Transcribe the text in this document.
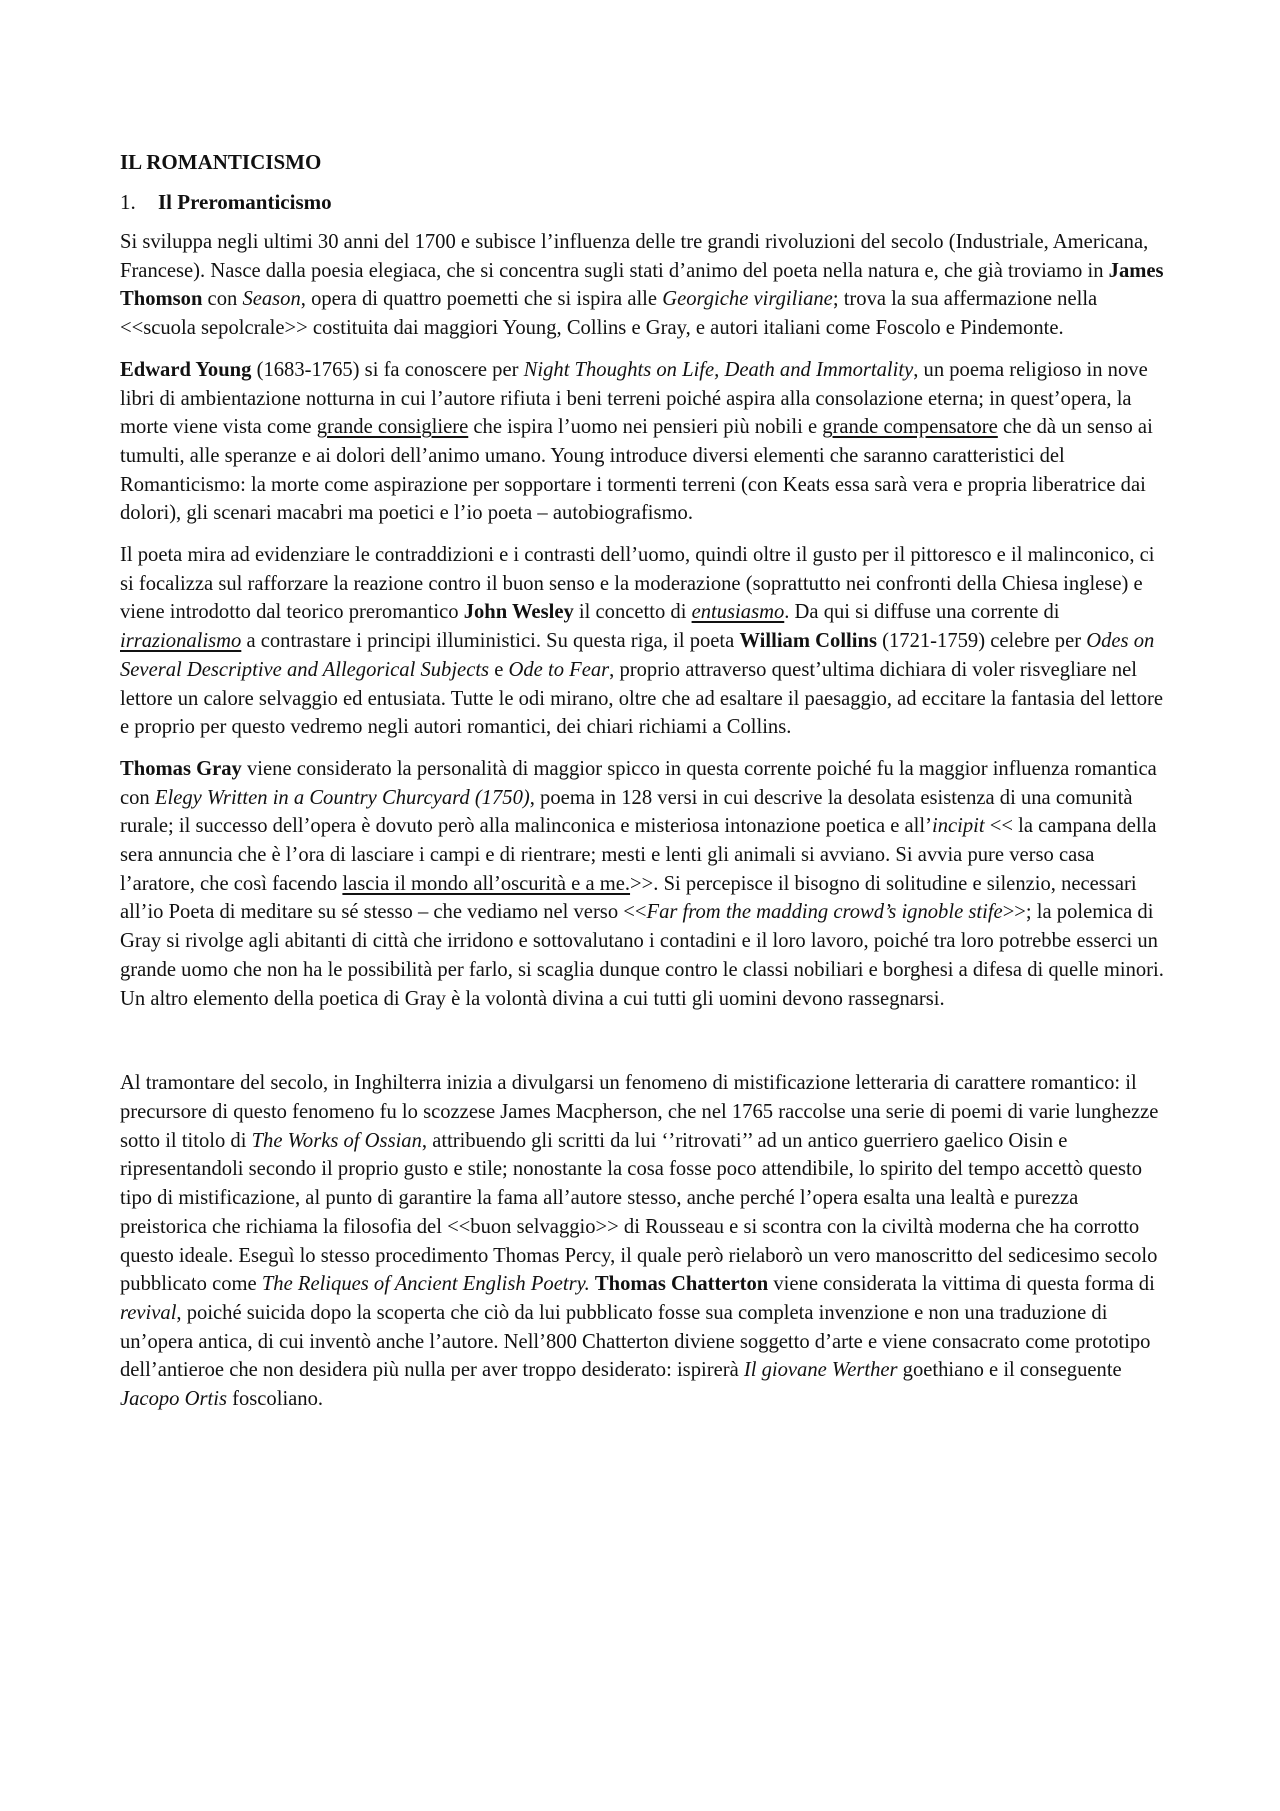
IL ROMANTICISMO
1.	Il Preromanticismo

Si sviluppa negli ultimi 30 anni del 1700 e subisce l’influenza delle tre grandi rivoluzioni del secolo (Industriale, Americana, Francese). Nasce dalla poesia elegiaca, che si concentra sugli stati d’animo del poeta nella natura e, che già troviamo in James Thomson con Season, opera di quattro poemetti che si ispira alle Georgiche virgiliane; trova la sua affermazione nella <<scuola sepolcrale>> costituita dai maggiori Young, Collins e Gray, e autori italiani come Foscolo e Pindemonte.

Edward Young (1683-1765) si fa conoscere per Night Thoughts on Life, Death and Immortality, un poema religioso in nove libri di ambientazione notturna in cui l’autore rifiuta i beni terreni poiché aspira alla consolazione eterna; in quest’opera, la morte viene vista come grande consigliere che ispira l’uomo nei pensieri più nobili e grande compensatore che dà un senso ai tumulti, alle speranze e ai dolori dell’animo umano. Young introduce diversi elementi che saranno caratteristici del Romanticismo: la morte come aspirazione per sopportare i tormenti terreni (con Keats essa sarà vera e propria liberatrice dai dolori), gli scenari macabri ma poetici e l’io poeta – autobiografismo.

Il poeta mira ad evidenziare le contraddizioni e i contrasti dell’uomo, quindi oltre il gusto per il pittoresco e il malinconico, ci si focalizza sul rafforzare la reazione contro il buon senso e la moderazione (soprattutto nei confronti della Chiesa inglese) e viene introdotto dal teorico preromantico John Wesley il concetto di entusiasmo. Da qui si diffuse una corrente di irrazionalismo a contrastare i principi illuministici. Su questa riga, il poeta William Collins (1721-1759) celebre per Odes on Several Descriptive and Allegorical Subjects e Ode to Fear, proprio attraverso quest’ultima dichiara di voler risvegliare nel lettore un calore selvaggio ed entusiata. Tutte le odi mirano, oltre che ad esaltare il paesaggio, ad eccitare la fantasia del lettore e proprio per questo vedremo negli autori romantici, dei chiari richiami a Collins.

Thomas Gray viene considerato la personalità di maggior spicco in questa corrente poiché fu la maggior influenza romantica con Elegy Written in a Country Churcyard (1750), poema in 128 versi in cui descrive la desolata esistenza di una comunità rurale; il successo dell’opera è dovuto però alla malinconica e misteriosa intonazione poetica e all’incipit << la campana della sera annuncia che è l’ora di lasciare i campi e di rientrare; mesti e lenti gli animali si avviano. Si avvia pure verso casa l’aratore, che così facendo lascia il mondo all’oscurità e a me.>>. Si percepisce il bisogno di solitudine e silenzio, necessari all’io Poeta di meditare su sé stesso – che vediamo nel verso <<Far from the madding crowd’s ignoble stife>>; la polemica di Gray si rivolge agli abitanti di città che irridono e sottovalutano i contadini e il loro lavoro, poiché tra loro potrebbe esserci un grande uomo che non ha le possibilità per farlo, si scaglia dunque contro le classi nobiliari e borghesi a difesa di quelle minori. Un altro elemento della poetica di Gray è la volontà divina a cui tutti gli uomini devono rassegnarsi.

Al tramontare del secolo, in Inghilterra inizia a divulgarsi un fenomeno di mistificazione letteraria di carattere romantico: il precursore di questo fenomeno fu lo scozzese James Macpherson, che nel 1765 raccolse una serie di poemi di varie lunghezze sotto il titolo di The Works of Ossian, attribuendo gli scritti da lui ‘’ritrovati’’ ad un antico guerriero gaelico Oisin e ripresentandoli secondo il proprio gusto e stile; nonostante la cosa fosse poco attendibile, lo spirito del tempo accettò questo tipo di mistificazione, al punto di garantire la fama all’autore stesso, anche perché l’opera esalta una lealtà e purezza preistorica che richiama la filosofia del <<buon selvaggio>> di Rousseau e si scontra con la civiltà moderna che ha corrotto questo ideale. Eseguì lo stesso procedimento Thomas Percy, il quale però rielaborò un vero manoscritto del sedicesimo secolo pubblicato come The Reliques of Ancient English Poetry. Thomas Chatterton viene considerata la vittima di questa forma di revival, poiché suicida dopo la scoperta che ciò da lui pubblicato fosse sua completa invenzione e non una traduzione di un’opera antica, di cui inventò anche l’autore. Nell’800 Chatterton diviene soggetto d’arte e viene consacrato come prototipo dell’antieroe che non desidera più nulla per aver troppo desiderato: ispirerà Il giovane Werther goethiano e il conseguente Jacopo Ortis foscoliano.
